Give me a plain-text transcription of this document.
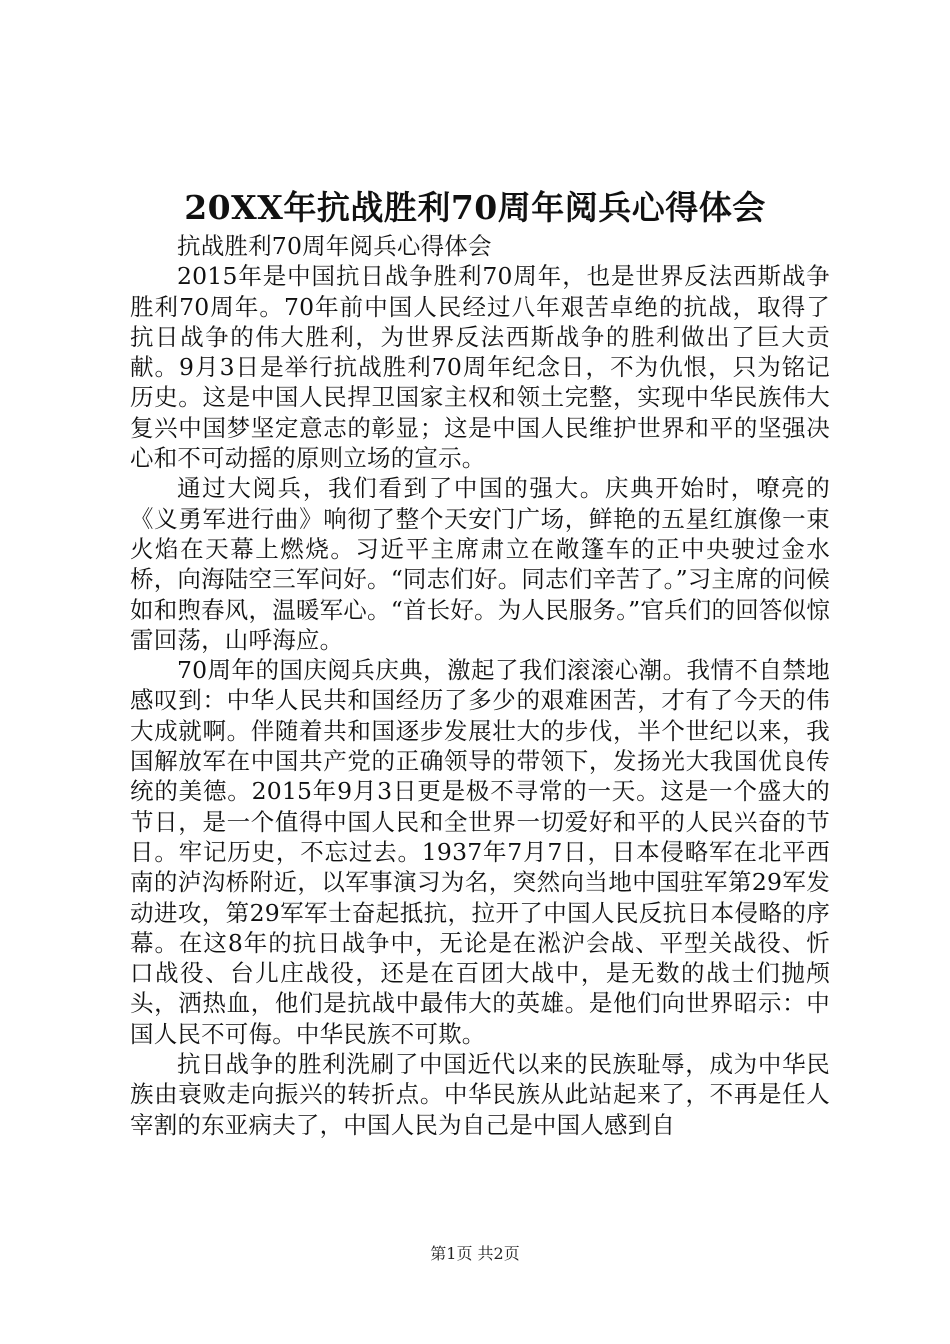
20XX年抗战胜利70周年阅兵心得体会

抗战胜利70周年阅兵心得体会

2015年是中国抗日战争胜利70周年，也是世界反法西斯战争胜利70周年。70年前中国人民经过八年艰苦卓绝的抗战，取得了抗日战争的伟大胜利，为世界反法西斯战争的胜利做出了巨大贡献。9月3日是举行抗战胜利70周年纪念日，不为仇恨，只为铭记历史。这是中国人民捍卫国家主权和领土完整，实现中华民族伟大复兴中国梦坚定意志的彰显；这是中国人民维护世界和平的坚强决心和不可动摇的原则立场的宣示。

通过大阅兵，我们看到了中国的强大。庆典开始时，嘹亮的《义勇军进行曲》响彻了整个天安门广场，鲜艳的五星红旗像一束火焰在天幕上燃烧。习近平主席肃立在敞篷车的正中央驶过金水桥，向海陆空三军问好。“同志们好。同志们辛苦了。”习主席的问候如和煦春风，温暖军心。“首长好。为人民服务。”官兵们的回答似惊雷回荡，山呼海应。

70周年的国庆阅兵庆典，激起了我们滚滚心潮。我情不自禁地感叹到：中华人民共和国经历了多少的艰难困苦，才有了今天的伟大成就啊。伴随着共和国逐步发展壮大的步伐，半个世纪以来，我国解放军在中国共产党的正确领导的带领下，发扬光大我国优良传统的美德。2015年9月3日更是极不寻常的一天。这是一个盛大的节日，是一个值得中国人民和全世界一切爱好和平的人民兴奋的节日。牢记历史，不忘过去。1937年7月7日，日本侵略军在北平西南的泸沟桥附近，以军事演习为名，突然向当地中国驻军第29军发动进攻，第29军军士奋起抵抗，拉开了中国人民反抗日本侵略的序幕。在这8年的抗日战争中，无论是在淞沪会战、平型关战役、忻口战役、台儿庄战役，还是在百团大战中，是无数的战士们抛颅头，洒热血，他们是抗战中最伟大的英雄。是他们向世界昭示：中国人民不可侮。中华民族不可欺。

抗日战争的胜利洗刷了中国近代以来的民族耻辱，成为中华民族由衰败走向振兴的转折点。中华民族从此站起来了，不再是任人宰割的东亚病夫了，中国人民为自己是中国人感到自

第1页 共2页
